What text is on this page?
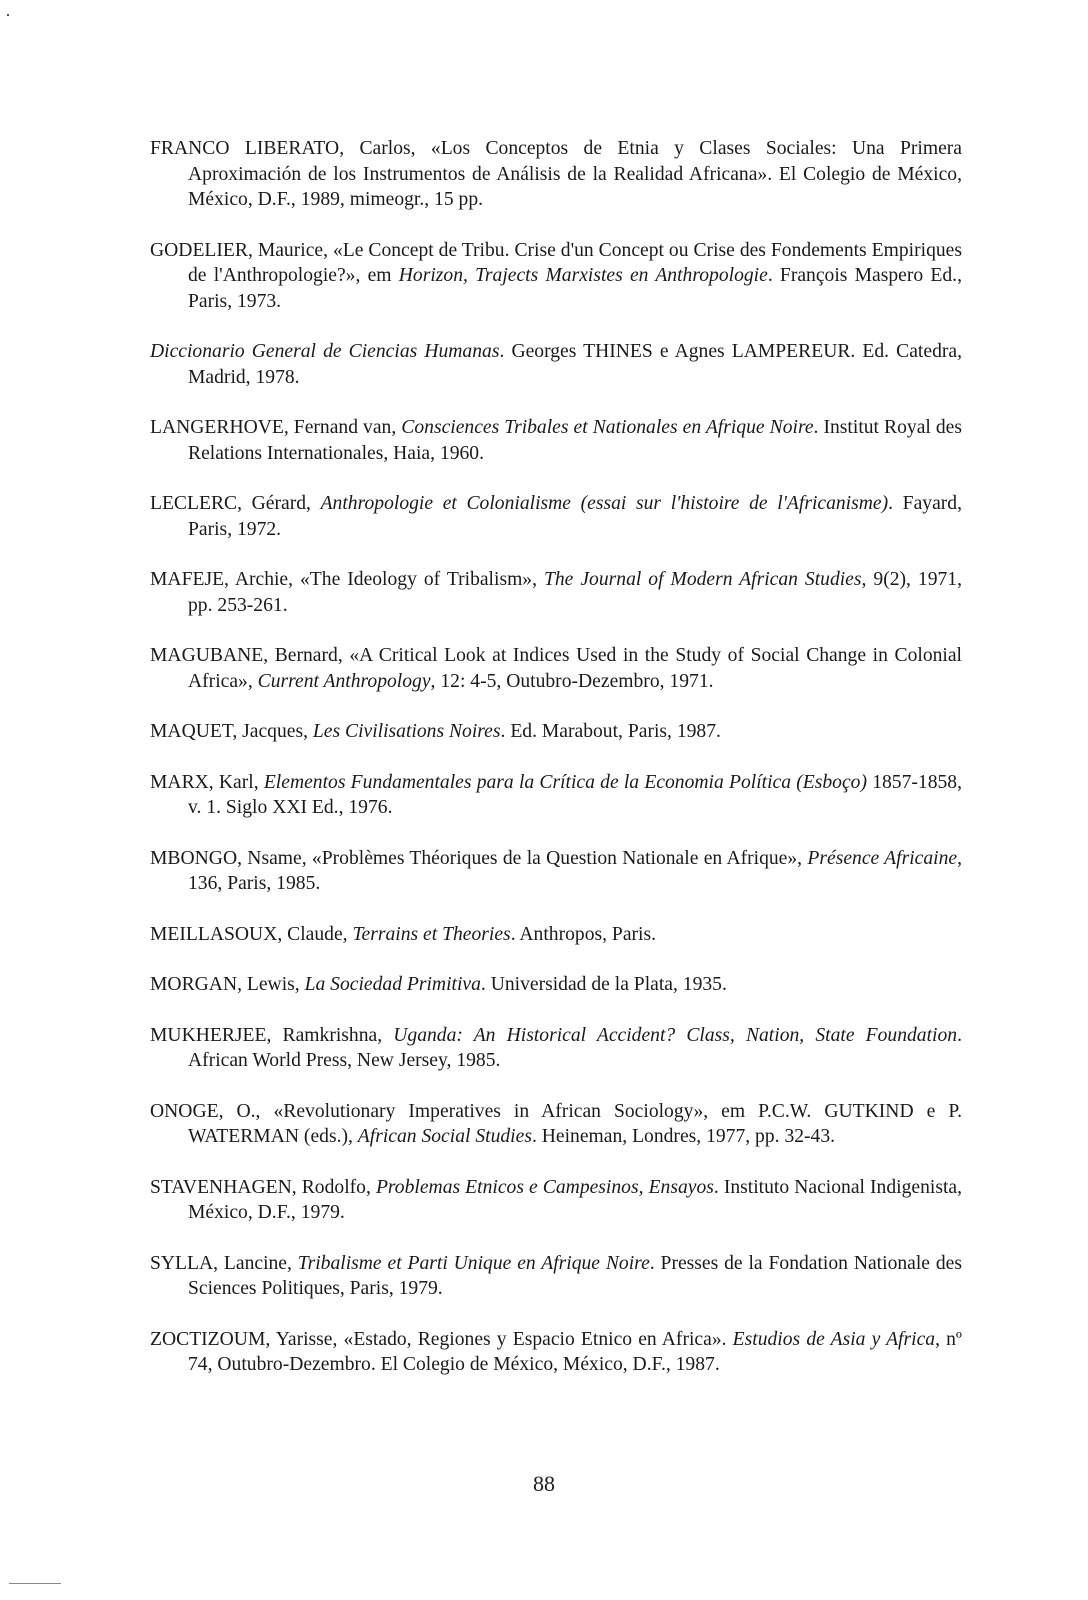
FRANCO LIBERATO, Carlos, «Los Conceptos de Etnia y Clases Sociales: Una Primera Aproximación de los Instrumentos de Análisis de la Realidad Africana». El Colegio de México, México, D.F., 1989, mimeogr., 15 pp.

GODELIER, Maurice, «Le Concept de Tribu. Crise d'un Concept ou Crise des Fondements Empiriques de l'Anthropologie?», em Horizon, Trajects Marxistes en Anthropologie. François Maspero Ed., Paris, 1973.

Diccionario General de Ciencias Humanas. Georges THINES e Agnes LAMPEREUR. Ed. Catedra, Madrid, 1978.

LANGERHOVE, Fernand van, Consciences Tribales et Nationales en Afrique Noire. Institut Royal des Relations Internationales, Haia, 1960.

LECLERC, Gérard, Anthropologie et Colonialisme (essai sur l'histoire de l'Africanisme). Fayard, Paris, 1972.

MAFEJE, Archie, «The Ideology of Tribalism», The Journal of Modern African Studies, 9(2), 1971, pp. 253-261.

MAGUBANE, Bernard, «A Critical Look at Indices Used in the Study of Social Change in Colonial Africa», Current Anthropology, 12: 4-5, Outubro-Dezembro, 1971.

MAQUET, Jacques, Les Civilisations Noires. Ed. Marabout, Paris, 1987.

MARX, Karl, Elementos Fundamentales para la Crítica de la Economia Política (Esboço) 1857-1858, v. 1. Siglo XXI Ed., 1976.

MBONGO, Nsame, «Problèmes Théoriques de la Question Nationale en Afrique», Présence Africaine, 136, Paris, 1985.

MEILLASOUX, Claude, Terrains et Theories. Anthropos, Paris.

MORGAN, Lewis, La Sociedad Primitiva. Universidad de la Plata, 1935.

MUKHERJEE, Ramkrishna, Uganda: An Historical Accident? Class, Nation, State Foundation. African World Press, New Jersey, 1985.

ONOGE, O., «Revolutionary Imperatives in African Sociology», em P.C.W. GUTKIND e P. WATERMAN (eds.), African Social Studies. Heineman, Londres, 1977, pp. 32-43.

STAVENHAGEN, Rodolfo, Problemas Etnicos e Campesinos, Ensayos. Instituto Nacional Indigenista, México, D.F., 1979.

SYLLA, Lancine, Tribalisme et Parti Unique en Afrique Noire. Presses de la Fondation Nationale des Sciences Politiques, Paris, 1979.

ZOCTIZOUM, Yarisse, «Estado, Regiones y Espacio Etnico en Africa». Estudios de Asia y Africa, nº 74, Outubro-Dezembro. El Colegio de México, México, D.F., 1987.

88
